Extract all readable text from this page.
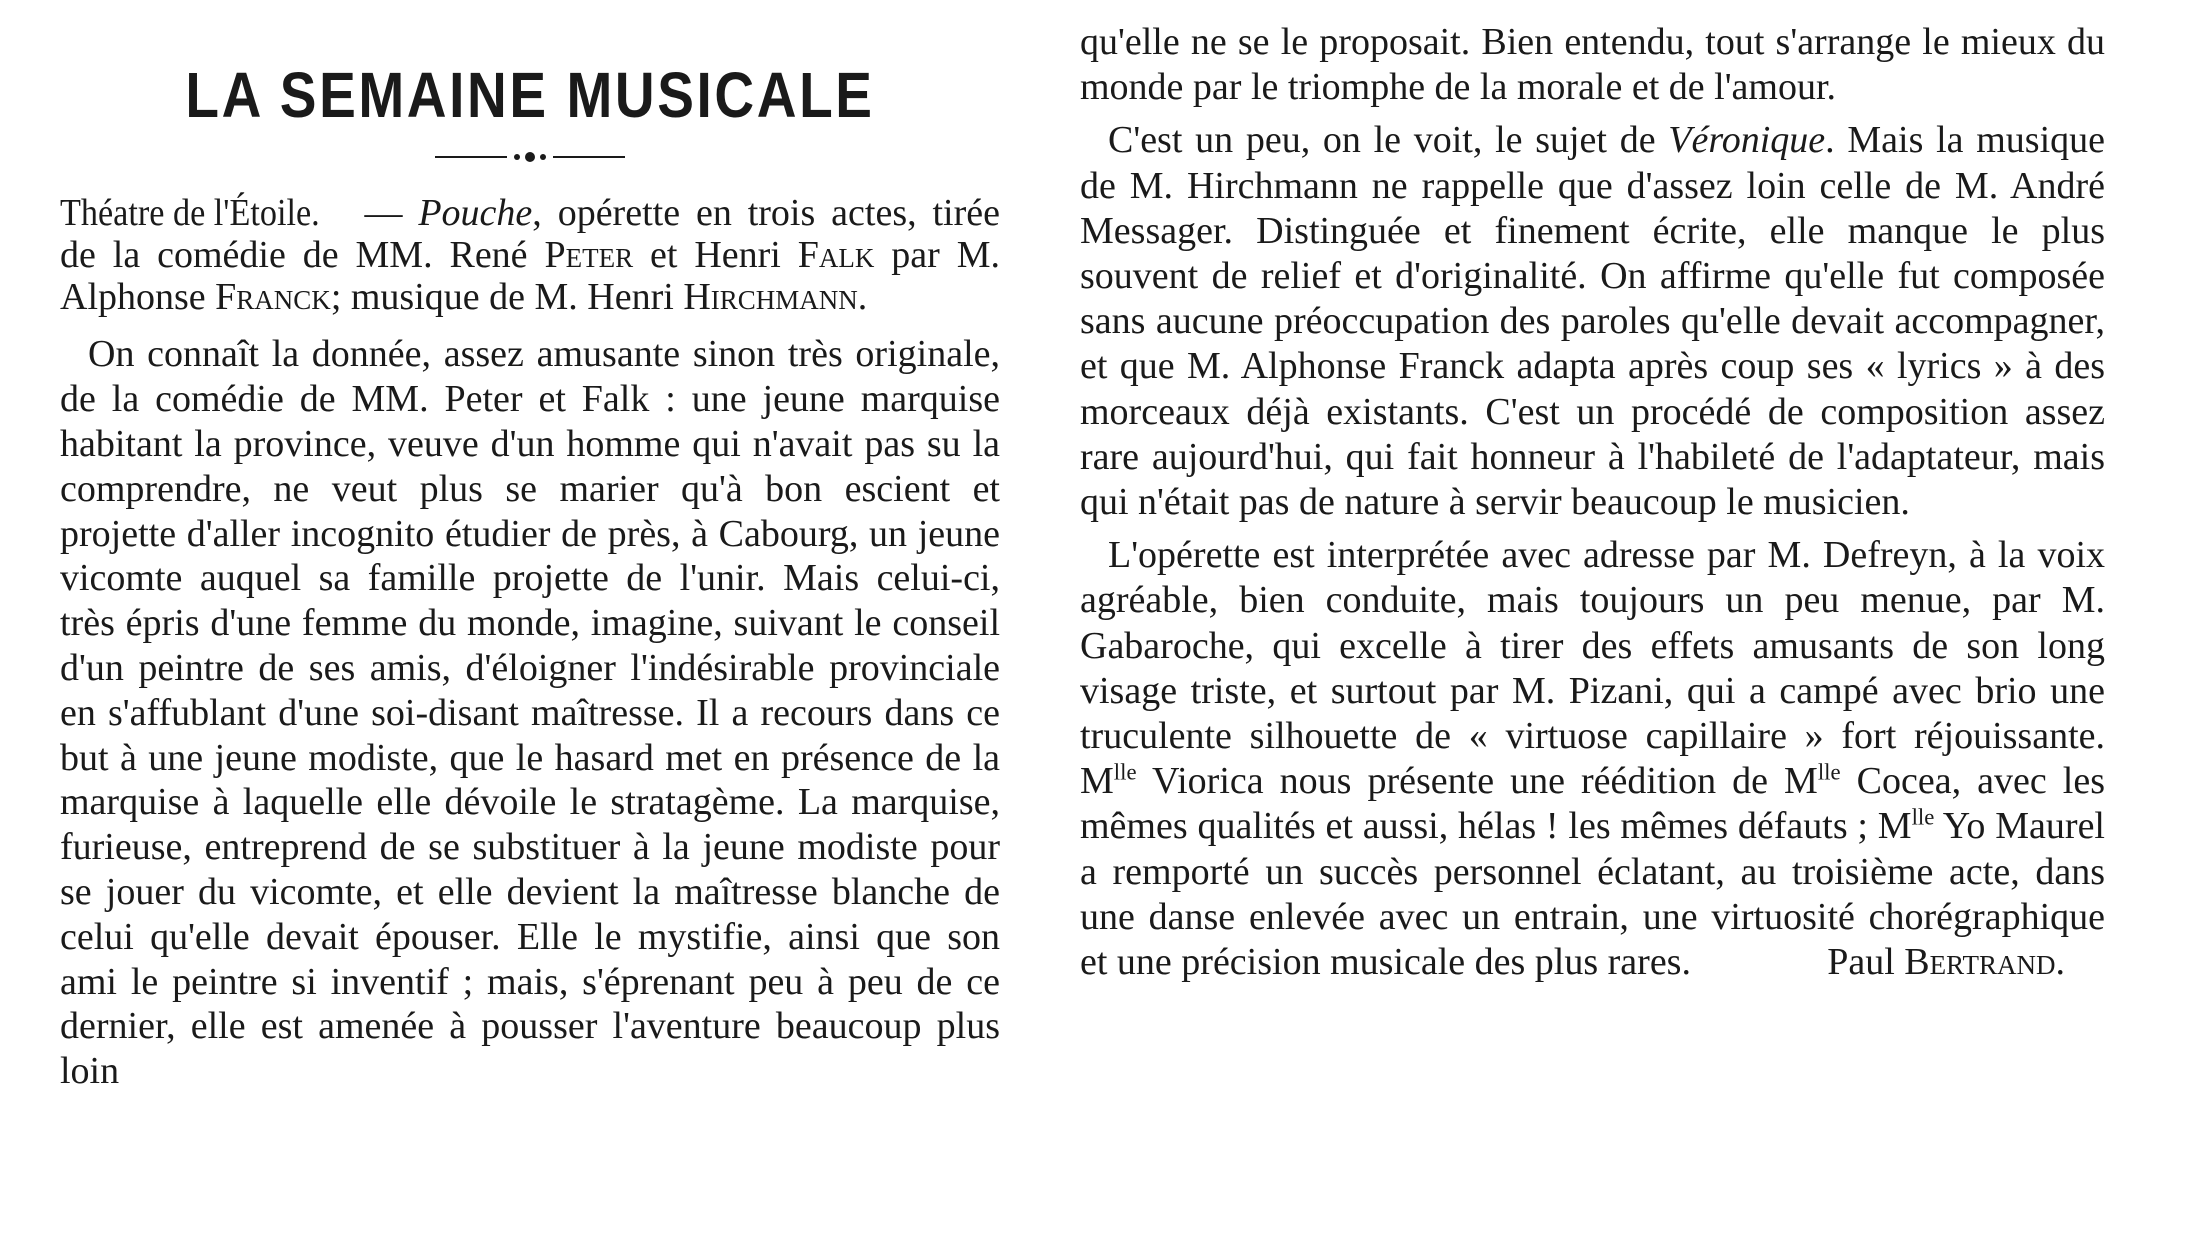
LA SEMAINE MUSICALE

Théatre de l'Étoile. — Pouche, opérette en trois actes, tirée de la comédie de MM. René Peter et Henri Falk par M. Alphonse Franck; musique de M. Henri Hirchmann.

On connaît la donnée, assez amusante sinon très originale, de la comédie de MM. Peter et Falk : une jeune marquise habitant la province, veuve d'un homme qui n'avait pas su la comprendre, ne veut plus se marier qu'à bon escient et projette d'aller incognito étudier de près, à Cabourg, un jeune vicomte auquel sa famille projette de l'unir. Mais celui-ci, très épris d'une femme du monde, imagine, suivant le conseil d'un peintre de ses amis, d'éloigner l'indésirable provinciale en s'affublant d'une soi-disant maîtresse. Il a recours dans ce but à une jeune modiste, que le hasard met en présence de la marquise à laquelle elle dévoile le stratagème. La marquise, furieuse, entreprend de se substituer à la jeune modiste pour se jouer du vicomte, et elle devient la maîtresse blanche de celui qu'elle devait épouser. Elle le mystifie, ainsi que son ami le peintre si inventif ; mais, s'éprenant peu à peu de ce dernier, elle est amenée à pousser l'aventure beaucoup plus loin

qu'elle ne se le proposait. Bien entendu, tout s'arrange le mieux du monde par le triomphe de la morale et de l'amour.

C'est un peu, on le voit, le sujet de Véronique. Mais la musique de M. Hirchmann ne rappelle que d'assez loin celle de M. André Messager. Distinguée et finement écrite, elle manque le plus souvent de relief et d'originalité. On affirme qu'elle fut composée sans aucune préoccupation des paroles qu'elle devait accompagner, et que M. Alphonse Franck adapta après coup ses « lyrics » à des morceaux déjà existants. C'est un procédé de composition assez rare aujourd'hui, qui fait honneur à l'habileté de l'adaptateur, mais qui n'était pas de nature à servir beaucoup le musicien.

L'opérette est interprétée avec adresse par M. Defreyn, à la voix agréable, bien conduite, mais toujours un peu menue, par M. Gabaroche, qui excelle à tirer des effets amusants de son long visage triste, et surtout par M. Pizani, qui a campé avec brio une truculente silhouette de « virtuose capillaire » fort réjouissante. $M^{lle}$ Viorica nous présente une réédition de $M^{lle}$ Cocea, avec les mêmes qualités et aussi, hélas ! les mêmes défauts ; $M^{lle}$ Yo Maurel a remporté un succès personnel éclatant, au troisième acte, dans une danse enlevée avec un entrain, une virtuosité chorégraphique et une précision musicale des plus rares.	Paul Bertrand.
